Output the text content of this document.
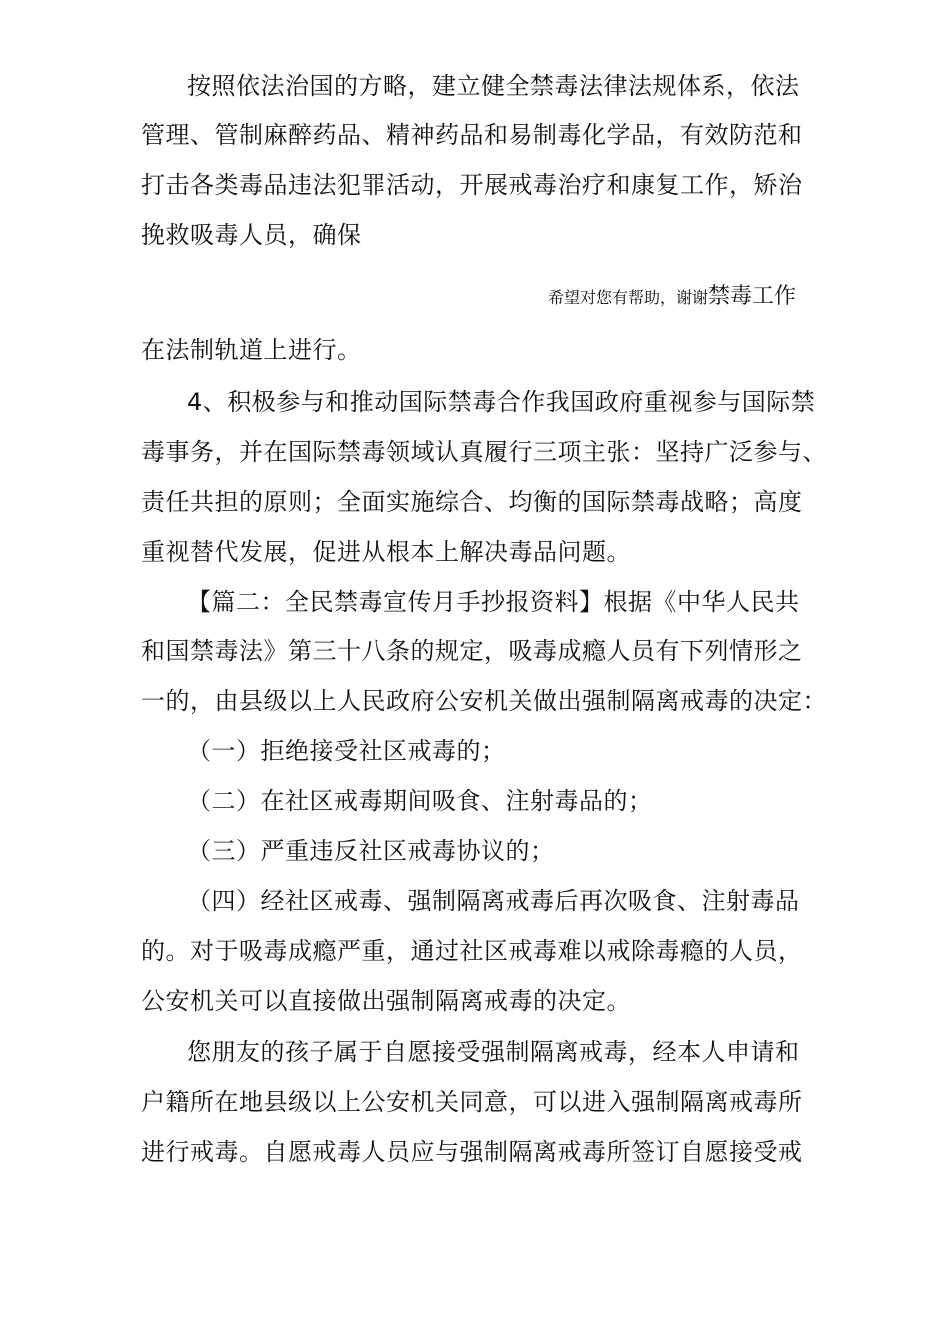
按照依法治国的方略，建立健全禁毒法律法规体系，依法
管理、管制麻醉药品、精神药品和易制毒化学品，有效防范和
打击各类毒品违法犯罪活动，开展戒毒治疗和康复工作，矫治
挽救吸毒人员，确保
希望对您有帮助，谢谢禁毒工作
在法制轨道上进行。
4、积极参与和推动国际禁毒合作我国政府重视参与国际禁
毒事务，并在国际禁毒领域认真履行三项主张：坚持广泛参与、
责任共担的原则；全面实施综合、均衡的国际禁毒战略；高度
重视替代发展，促进从根本上解决毒品问题。
【篇二：全民禁毒宣传月手抄报资料】根据《中华人民共
和国禁毒法》第三十八条的规定，吸毒成瘾人员有下列情形之
一的，由县级以上人民政府公安机关做出强制隔离戒毒的决定：
（一）拒绝接受社区戒毒的；
（二）在社区戒毒期间吸食、注射毒品的；
（三）严重违反社区戒毒协议的；
（四）经社区戒毒、强制隔离戒毒后再次吸食、注射毒品
的。对于吸毒成瘾严重，通过社区戒毒难以戒除毒瘾的人员，
公安机关可以直接做出强制隔离戒毒的决定。
您朋友的孩子属于自愿接受强制隔离戒毒，经本人申请和
户籍所在地县级以上公安机关同意，可以进入强制隔离戒毒所
进行戒毒。自愿戒毒人员应与强制隔离戒毒所签订自愿接受戒
